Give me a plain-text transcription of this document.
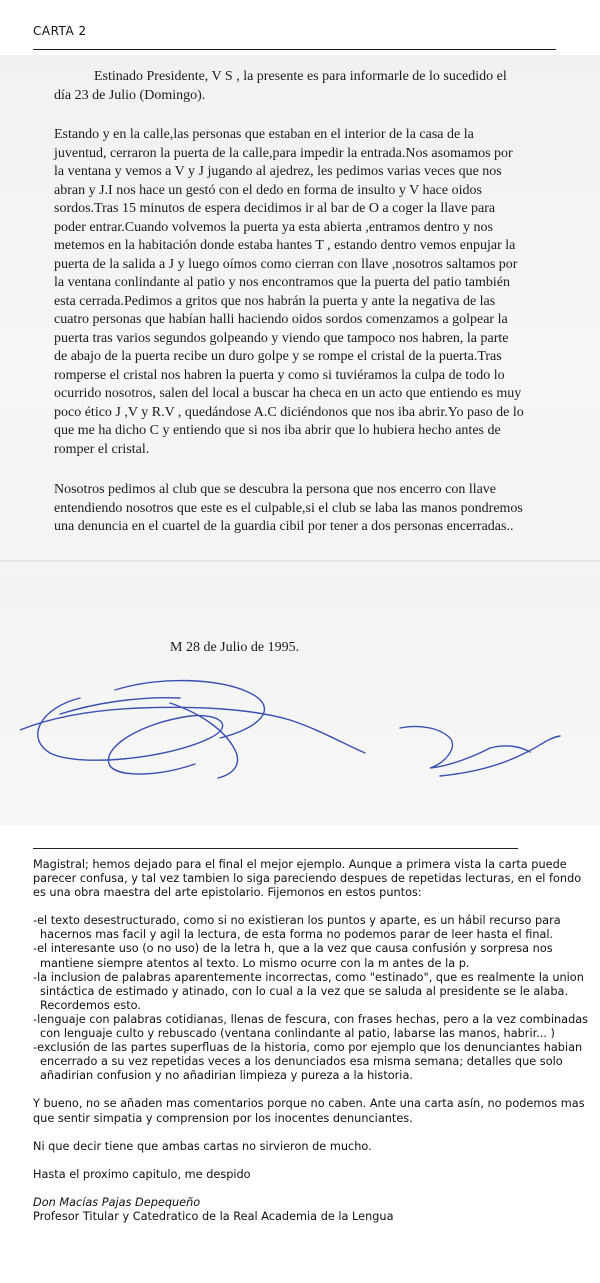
CARTA 2

Estinado Presidente, V S , la presente es para informarle de lo sucedido el día 23 de Julio (Domingo).

Estando y en la calle,las personas que estaban en el interior de la casa de la juventud, cerraron la puerta de la calle,para impedir la entrada.Nos asomamos por la ventana y vemos a V y J jugando al ajedrez, les pedimos varias veces que nos abran y J.I nos hace un gestó con el dedo en forma de insulto y V hace oidos sordos.Tras 15 minutos de espera decidimos ir al bar de O a coger la llave para poder entrar.Cuando volvemos la puerta ya esta abierta ,entramos dentro y nos metemos en la habitación donde estaba hantes T , estando dentro vemos enpujar la puerta de la salida a J y luego oímos como cierran con llave ,nosotros saltamos por la ventana conlindante al patio y nos encontramos que la puerta del patio también esta cerrada.Pedimos a gritos que nos habrán la puerta y ante la negativa de las cuatro personas que habían halli haciendo oidos sordos comenzamos a golpear la puerta tras varios segundos golpeando y viendo que tampoco nos habren, la parte de abajo de la puerta recibe un duro golpe y se rompe el cristal de la puerta.Tras romperse el cristal nos habren la puerta y como si tuviéramos la culpa de todo lo ocurrido nosotros, salen del local a buscar ha checa en un acto que entiendo es muy poco ético J ,V y R.V , quedándose A.C diciéndonos que nos iba abrir.Yo paso de lo que me ha dicho C y entiendo que si nos iba abrir que lo hubiera hecho antes de romper el cristal.

Nosotros pedimos al club que se descubra la persona que nos encerro con llave entendiendo nosotros que este es el culpable,si el club se laba las manos pondremos una denuncia en el cuartel de la guardia cibil por tener a dos personas encerradas..

M 28 de Julio de 1995.

Magistral; hemos dejado para el final el mejor ejemplo. Aunque a primera vista la carta puede parecer confusa, y tal vez tambien lo siga pareciendo despues de repetidas lecturas, en el fondo es una obra maestra del arte epistolario. Fijemonos en estos puntos:

-el texto desestructurado, como si no existieran los puntos y aparte, es un hábil recurso para hacernos mas facil y agil la lectura, de esta forma no podemos parar de leer hasta el final.
-el interesante uso (o no uso) de la letra h, que a la vez que causa confusión y sorpresa nos mantiene siempre atentos al texto. Lo mismo ocurre con la m antes de la p.
-la inclusion de palabras aparentemente incorrectas, como "estinado", que es realmente la union sintáctica de estimado y atinado, con lo cual a la vez que se saluda al presidente se le alaba. Recordemos esto.
-lenguaje con palabras cotidianas, llenas de fescura, con frases hechas, pero a la vez combinadas con lenguaje culto y rebuscado (ventana conlindante al patio, labarse las manos, habrir... )
-exclusión de las partes superfluas de la historia, como por ejemplo que los denunciantes habian encerrado a su vez repetidas veces a los denunciados esa misma semana; detalles que solo añadirian confusion y no añadirian limpieza y pureza a la historia.

Y bueno, no se añaden mas comentarios porque no caben. Ante una carta asín, no podemos mas que sentir simpatia y comprension por los inocentes denunciantes.

Ni que decir tiene que ambas cartas no sirvieron de mucho.

Hasta el proximo capitulo, me despido

Don Macías Pajas Depequeño

Profesor Titular y Catedratico de la Real Academia de la Lengua
